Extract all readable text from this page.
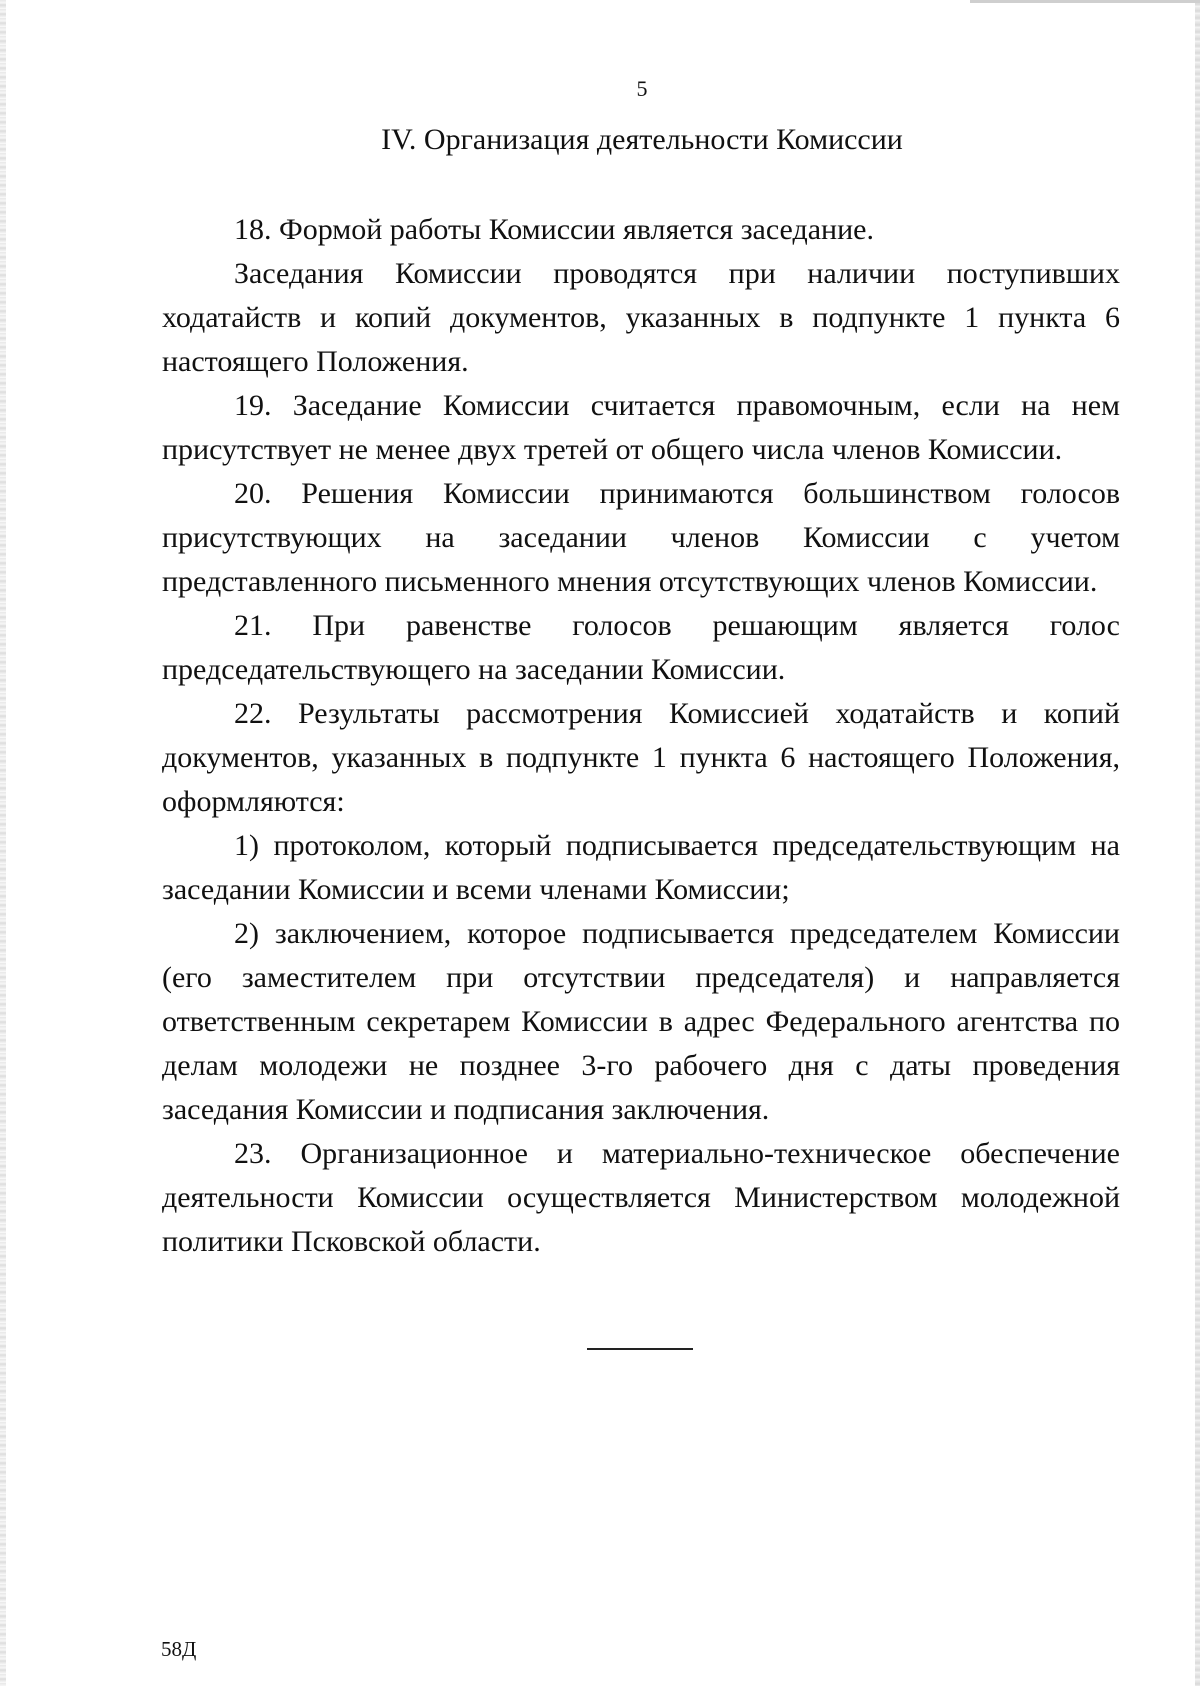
5
IV. Организация деятельности Комиссии

18. Формой работы Комиссии является заседание.

Заседания Комиссии проводятся при наличии поступивших ходатайств и копий документов, указанных в подпункте 1 пункта 6 настоящего Положения.

19. Заседание Комиссии считается правомочным, если на нем присутствует не менее двух третей от общего числа членов Комиссии.

20. Решения Комиссии принимаются большинством голосов присутствующих на заседании членов Комиссии с учетом представленного письменного мнения отсутствующих членов Комиссии.

21. При равенстве голосов решающим является голос председательствующего на заседании Комиссии.

22. Результаты рассмотрения Комиссией ходатайств и копий документов, указанных в подпункте 1 пункта 6 настоящего Положения, оформляются:

1) протоколом, который подписывается председательствующим на заседании Комиссии и всеми членами Комиссии;

2) заключением, которое подписывается председателем Комиссии (его заместителем при отсутствии председателя) и направляется ответственным секретарем Комиссии в адрес Федерального агентства по делам молодежи не позднее 3-го рабочего дня с даты проведения заседания Комиссии и подписания заключения.

23. Организационное и материально-техническое обеспечение деятельности Комиссии осуществляется Министерством молодежной политики Псковской области.

58Д
